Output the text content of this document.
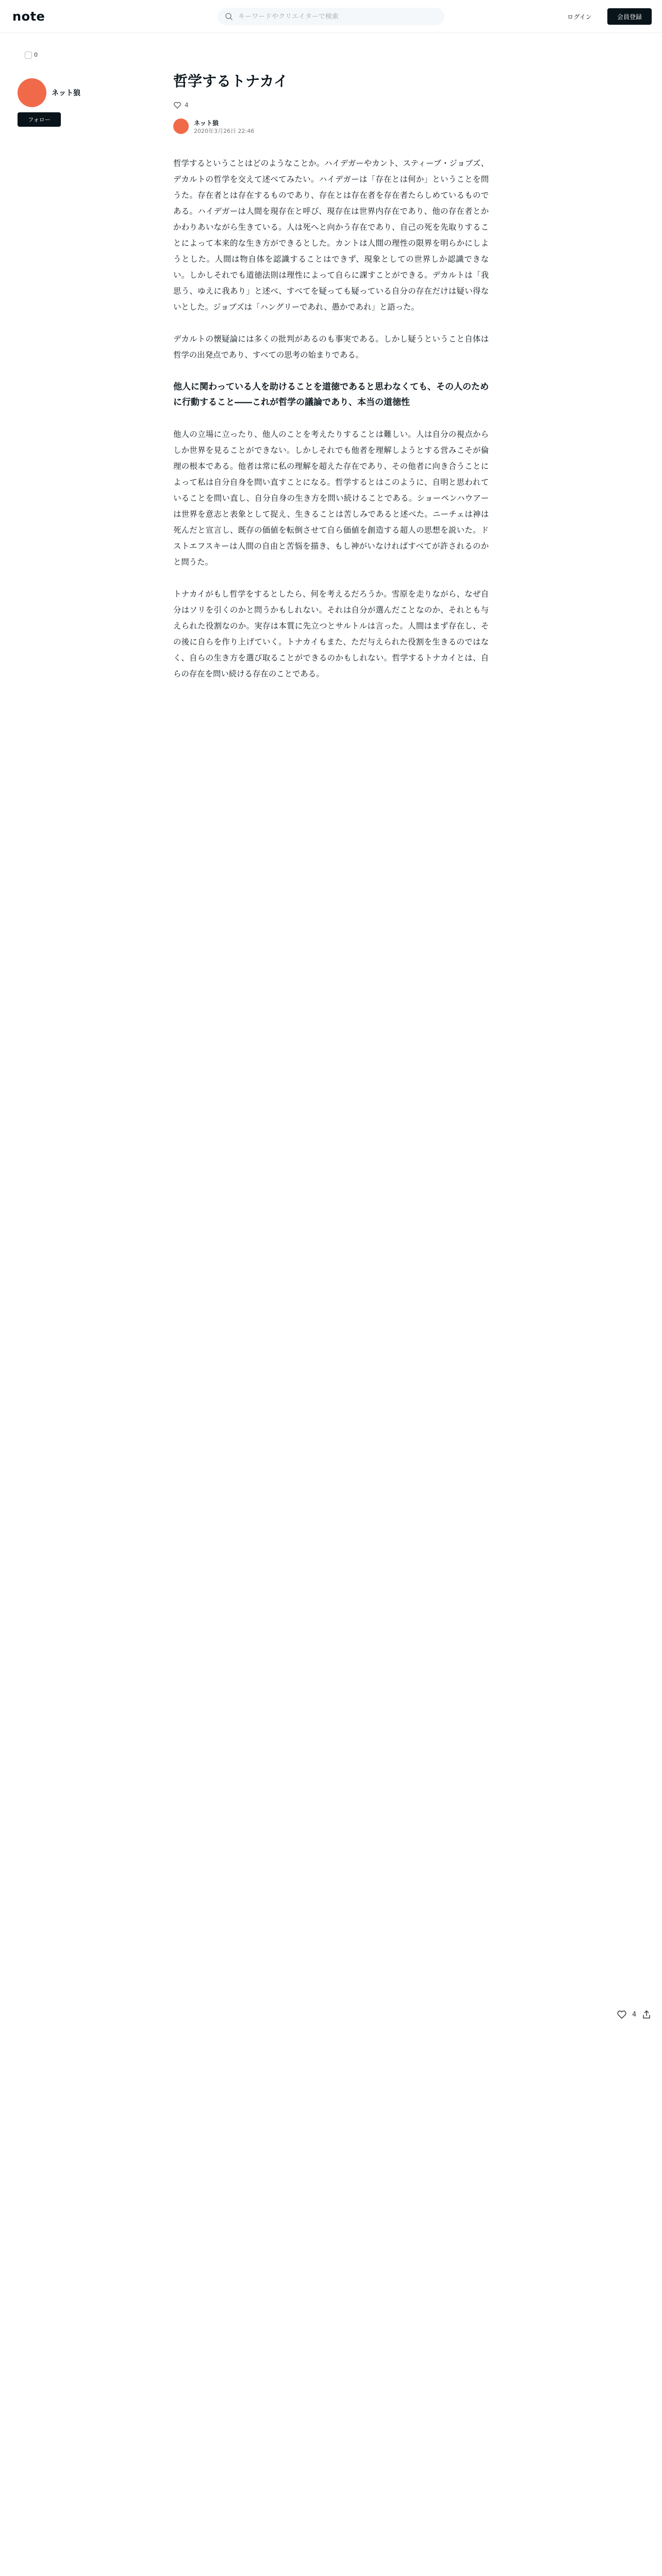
note
キーワードやクリエイターで検索	ログイン	会員登録
0
ネット狼
フォロー
哲学するトナカイ
4
ネット狼
2020年3月26日 22:46

哲学するということはどのようなことか。ハイデガーやカント、スティーブ・ジョブズ、デカルトの哲学を交えて述べてみたい。ハイデガーは「存在とは何か」ということを問うた。存在者とは存在するものであり、存在とは存在者を存在者たらしめているものである。ハイデガーは人間を現存在と呼び、現存在は世界内存在であり、他の存在者とかかわりあいながら生きている。人は死へと向かう存在であり、自己の死を先取りすることによって本来的な生き方ができるとした。カントは人間の理性の限界を明らかにしようとした。人間は物自体を認識することはできず、現象としての世界しか認識できない。しかしそれでも道徳法則は理性によって自らに課すことができる。デカルトは「我思う、ゆえに我あり」と述べ、すべてを疑っても疑っている自分の存在だけは疑い得ないとした。ジョブズは「ハングリーであれ、愚かであれ」と語った。

デカルトの懐疑論には多くの批判があるのも事実である。しかし疑うということ自体は哲学の出発点であり、すべての思考の始まりである。

他人に関わっている人を助けることを道徳であると思わなくても、その人のために行動すること――これが哲学の議論であり、本当の道徳性

他人の立場に立ったり、他人のことを考えたりすることは難しい。人は自分の視点からしか世界を見ることができない。しかしそれでも他者を理解しようとする営みこそが倫理の根本である。他者は常に私の理解を超えた存在であり、その他者に向き合うことによって私は自分自身を問い直すことになる。哲学するとはこのように、自明と思われていることを問い直し、自分自身の生き方を問い続けることである。ショーペンハウアーは世界を意志と表象として捉え、生きることは苦しみであると述べた。ニーチェは神は死んだと宣言し、既存の価値を転倒させて自ら価値を創造する超人の思想を説いた。ドストエフスキーは人間の自由と苦悩を描き、もし神がいなければすべてが許されるのかと問うた。

トナカイがもし哲学をするとしたら、何を考えるだろうか。雪原を走りながら、なぜ自分はソリを引くのかと問うかもしれない。それは自分が選んだことなのか、それとも与えられた役割なのか。実存は本質に先立つとサルトルは言った。人間はまず存在し、その後に自らを作り上げていく。トナカイもまた、ただ与えられた役割を生きるのではなく、自らの生き方を選び取ることができるのかもしれない。哲学するトナカイとは、自らの存在を問い続ける存在のことである。

4
